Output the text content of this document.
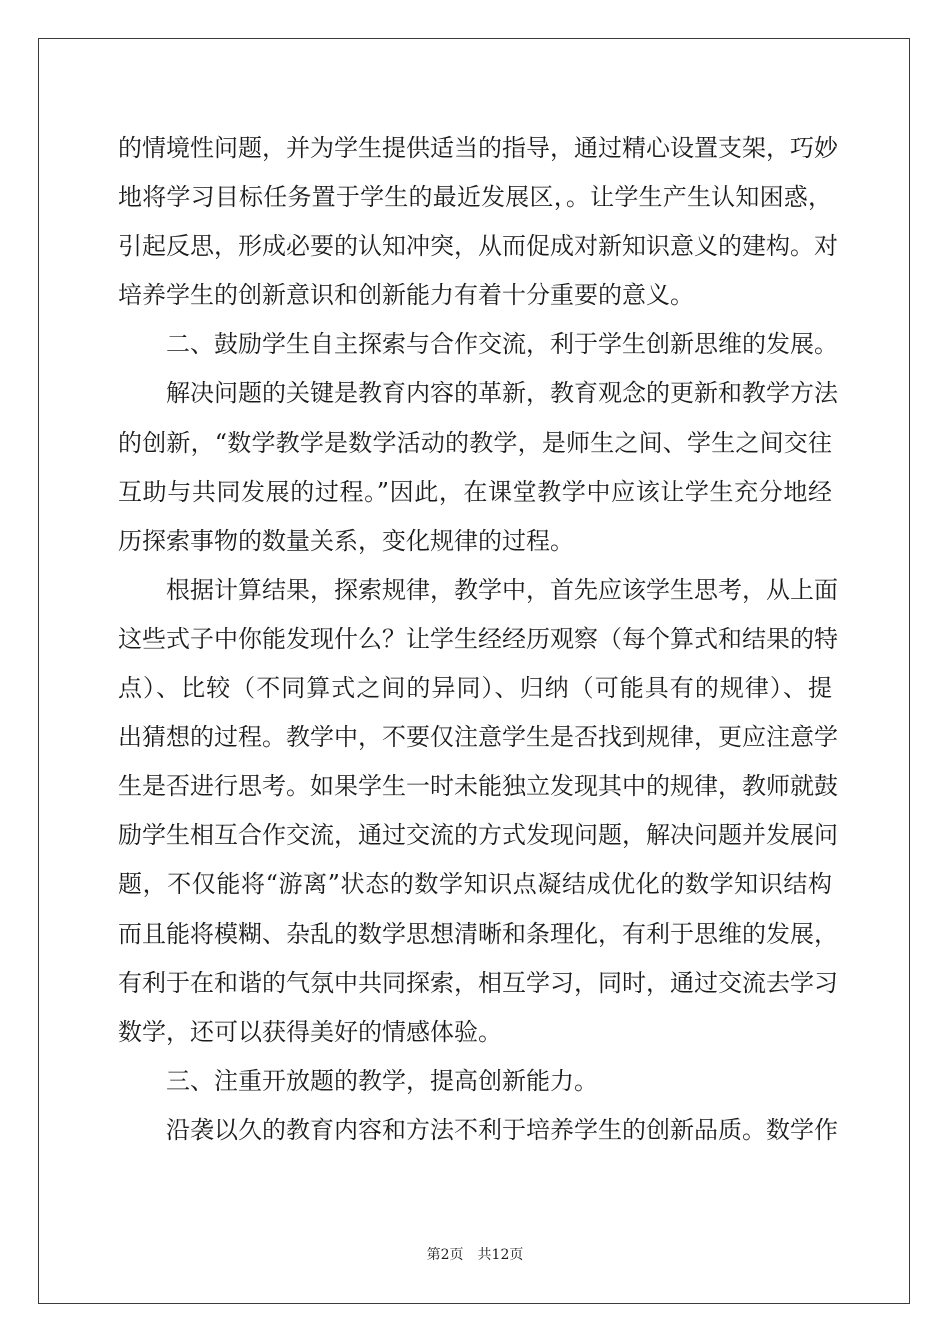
的情境性问题，并为学生提供适当的指导，通过精心设置支架，巧妙
地将学习目标任务置于学生的最近发展区，。让学生产生认知困惑，
引起反思，形成必要的认知冲突，从而促成对新知识意义的建构。对
培养学生的创新意识和创新能力有着十分重要的意义。
二、鼓励学生自主探索与合作交流，利于学生创新思维的发展。
解决问题的关键是教育内容的革新，教育观念的更新和教学方法
的创新，“数学教学是数学活动的教学，是师生之间、学生之间交往
互助与共同发展的过程。”因此，在课堂教学中应该让学生充分地经
历探索事物的数量关系，变化规律的过程。
根据计算结果，探索规律，教学中，首先应该学生思考，从上面
这些式子中你能发现什么？让学生经经历观察（每个算式和结果的特
点）、比较（不同算式之间的异同）、归纳（可能具有的规律）、提
出猜想的过程。教学中，不要仅注意学生是否找到规律，更应注意学
生是否进行思考。如果学生一时未能独立发现其中的规律，教师就鼓
励学生相互合作交流，通过交流的方式发现问题，解决问题并发展问
题，不仅能将“游离”状态的数学知识点凝结成优化的数学知识结构
而且能将模糊、杂乱的数学思想清晰和条理化，有利于思维的发展，
有利于在和谐的气氛中共同探索，相互学习，同时，通过交流去学习
数学，还可以获得美好的情感体验。
三、注重开放题的教学，提高创新能力。
沿袭以久的教育内容和方法不利于培养学生的创新品质。数学作
第2页　共12页
